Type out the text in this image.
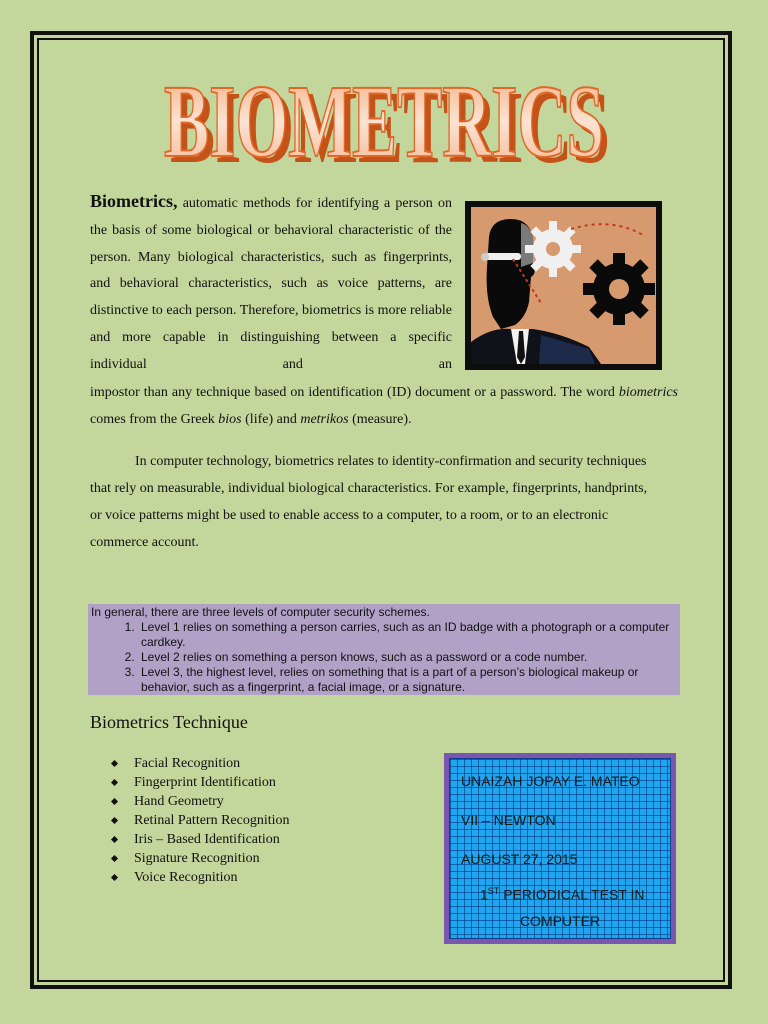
BIOMETRICS
BIOMETRICS

Biometrics, automatic methods for identifying a person on the basis of some biological or behavioral characteristic of the person. Many biological characteristics, such as fingerprints, and behavioral characteristics, such as voice patterns, are distinctive to each person. Therefore, biometrics is more reliable and more capable in distinguishing between a specific individual and an

impostor than any technique based on identification (ID) document or a password. The word biometrics comes from the Greek bios (life) and metrikos (measure).

In computer technology, biometrics relates to identity-confirmation and security techniques that rely on measurable, individual biological characteristics. For example, fingerprints, handprints, or voice patterns might be used to enable access to a computer, to a room, or to an electronic commerce account.

In general, there are three levels of computer security schemes.
1. Level 1 relies on something a person carries, such as an ID badge with a photograph or a computer cardkey.
2. Level 2 relies on something a person knows, such as a password or a code number.
3. Level 3, the highest level, relies on something that is a part of a person’s biological makeup or behavior, such as a fingerprint, a facial image, or a signature.
Biometrics Technique
Facial Recognition
Fingerprint Identification
Hand Geometry
Retinal Pattern Recognition
Iris – Based Identification
Signature Recognition
Voice Recognition
UNAIZAH JOPAY E. MATEO
VII – NEWTON
AUGUST 27, 2015
1ST PERIODICAL TEST IN
COMPUTER
